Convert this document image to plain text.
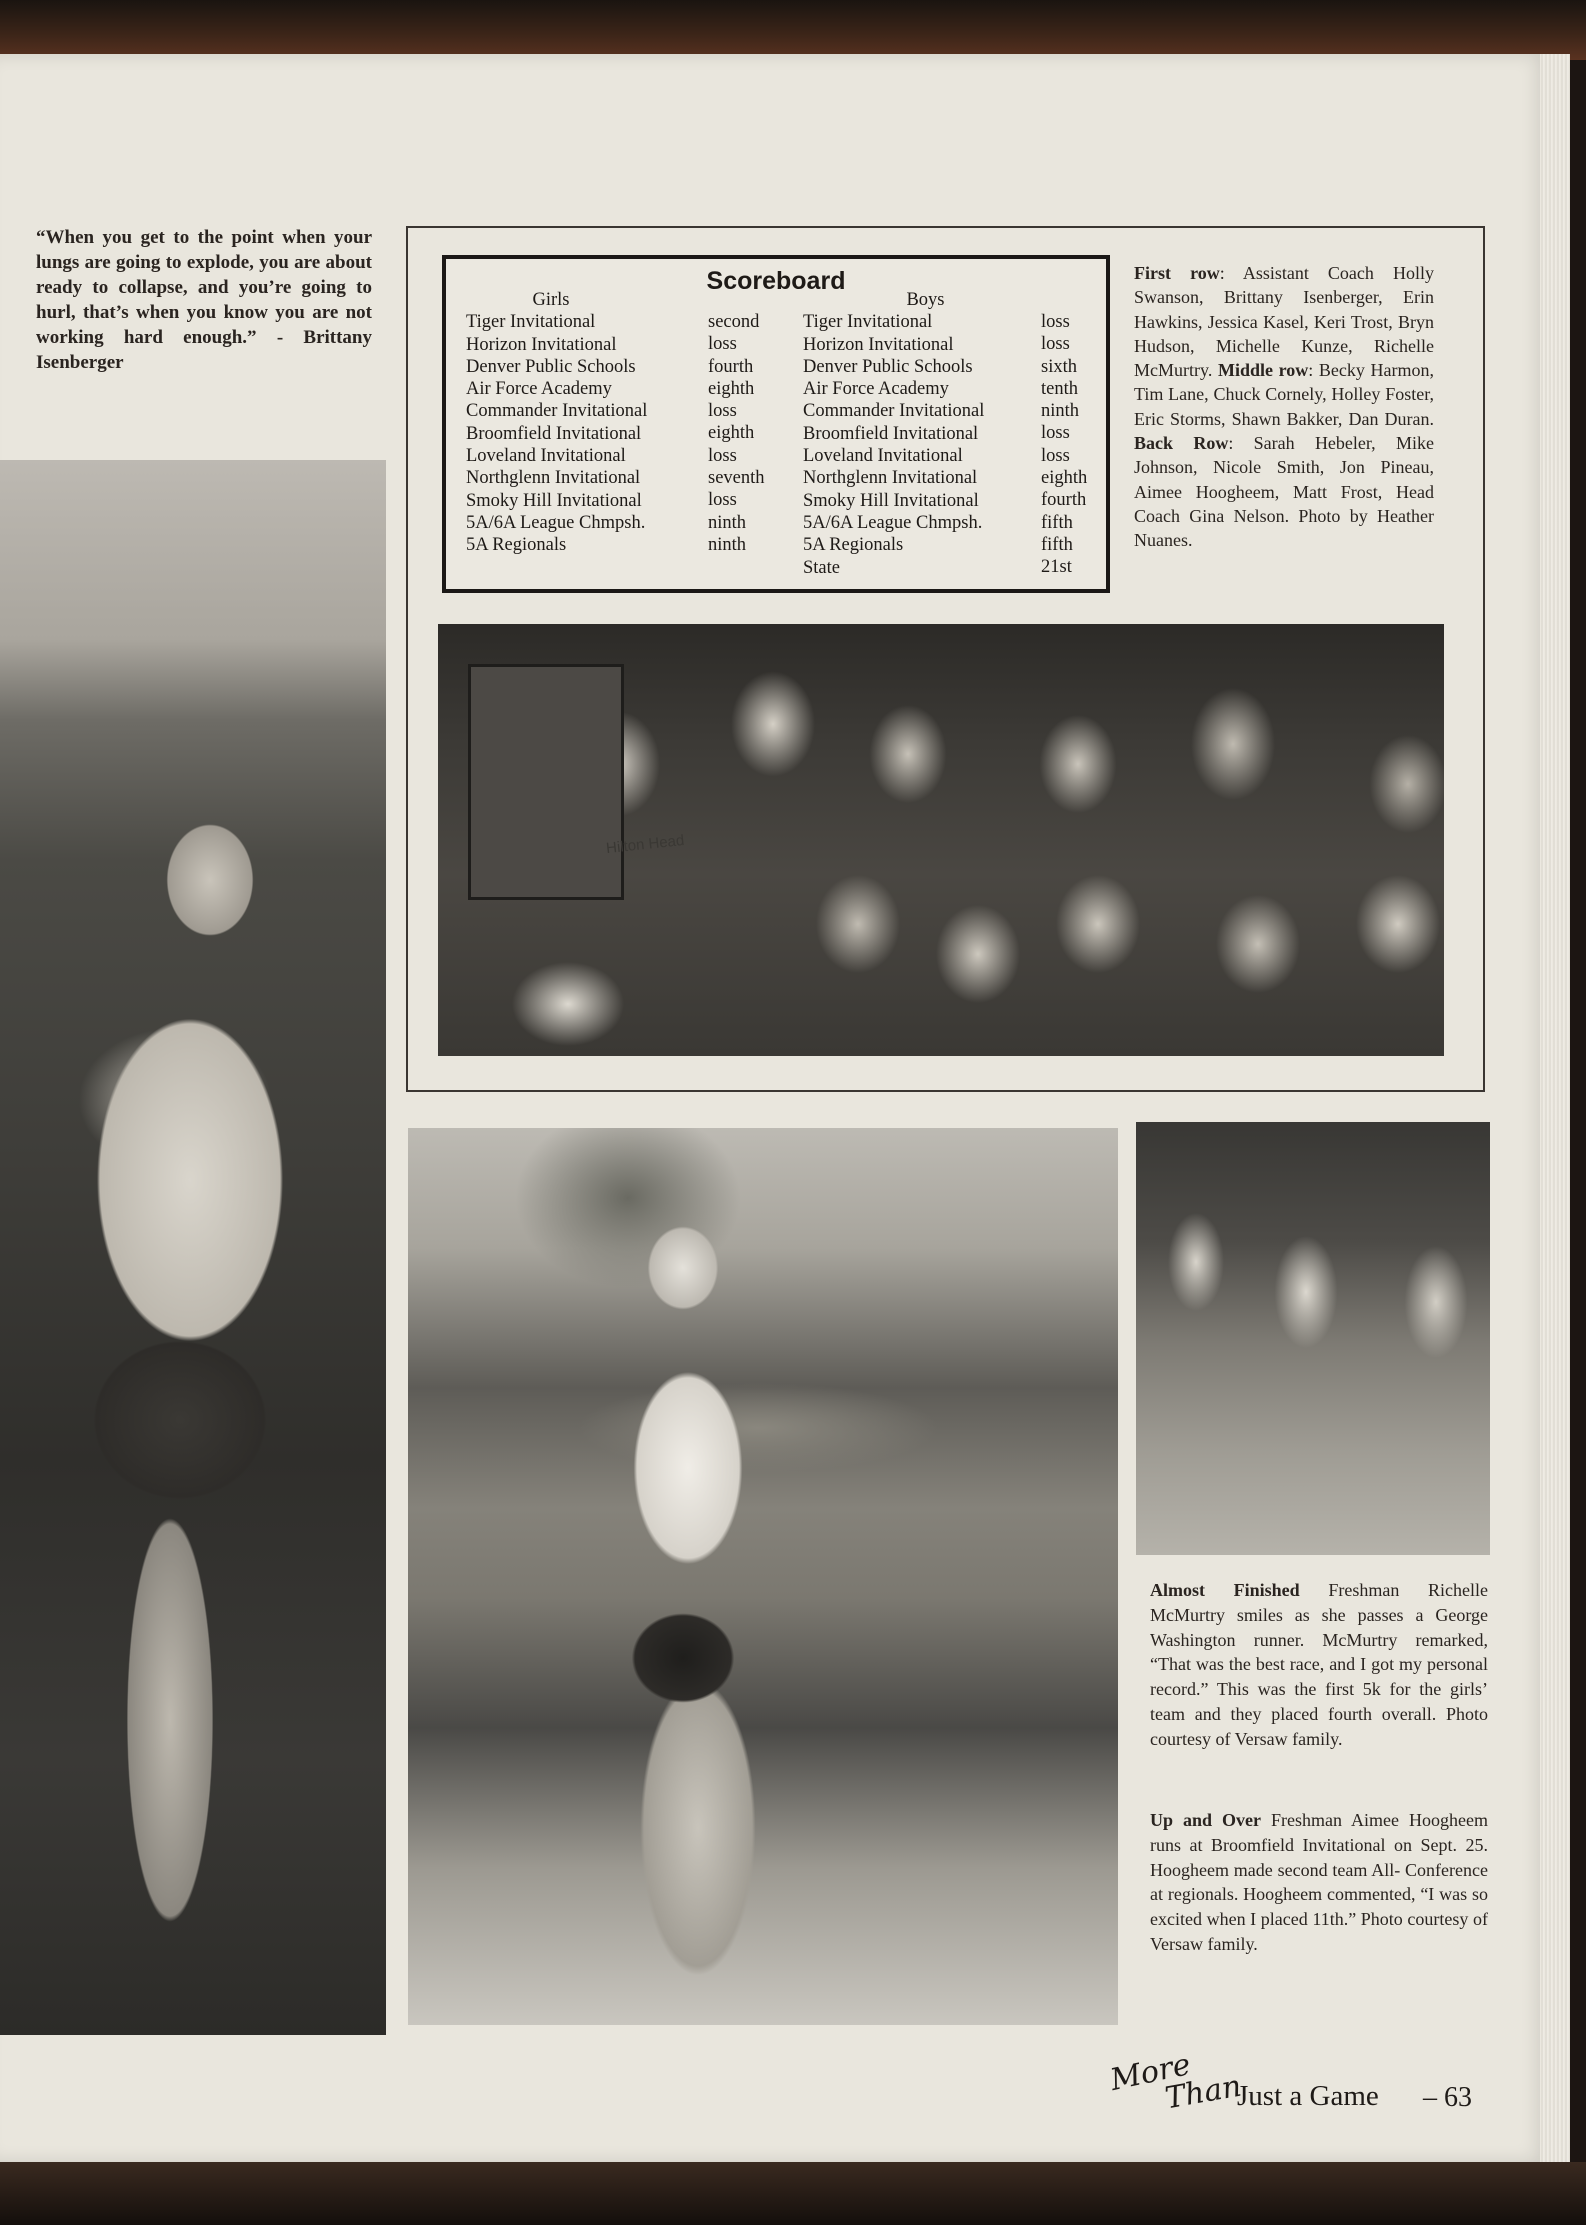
“When you get to the point when your lungs are going to explode, you are about ready to collapse, and you’re going to hurl, that’s when you know you are not working hard enough.” - Brittany Isenberger
Scoreboard
Girls
Tiger Invitational
Horizon Invitational
Denver Public Schools
Air Force Academy
Commander Invitational
Broomfield Invitational
Loveland Invitational
Northglenn Invitational
Smoky Hill Invitational
5A/6A League Chmpsh.
5A Regionals
second
loss
fourth
eighth
loss
eighth
loss
seventh
loss
ninth
ninth
Boys
Tiger Invitational
Horizon Invitational
Denver Public Schools
Air Force Academy
Commander Invitational
Broomfield Invitational
Loveland Invitational
Northglenn Invitational
Smoky Hill Invitational
5A/6A League Chmpsh.
5A Regionals
State
loss
loss
sixth
tenth
ninth
loss
loss
eighth
fourth
fifth
fifth
21st
First row: Assistant Coach Holly Swanson, Brittany Isenberger, Erin Hawkins, Jessica Kasel, Keri Trost, Bryn Hudson, Michelle Kunze, Richelle McMurtry. Middle row: Becky Harmon, Tim Lane, Chuck Cornely, Holley Foster, Eric Storms, Shawn Bakker, Dan Duran. Back Row: Sarah Hebeler, Mike Johnson, Nicole Smith, Jon Pineau, Aimee Hoogheem, Matt Frost, Head Coach Gina Nelson. Photo by Heather Nuanes.
Hilton Head
Almost Finished Freshman Richelle McMurtry smiles as she passes a George Washington runner. McMurtry remarked, “That was the best race, and I got my personal record.” This was the first 5k for the girls’ team and they placed fourth overall. Photo courtesy of Versaw family.
Up and Over Freshman Aimee Hoogheem runs at Broomfield Invitational on Sept. 25. Hoogheem made second team All- Conference at regionals. Hoogheem commented, “I was so excited when I placed 11th.” Photo courtesy of Versaw family.
More
Than
Just a Game – 63
